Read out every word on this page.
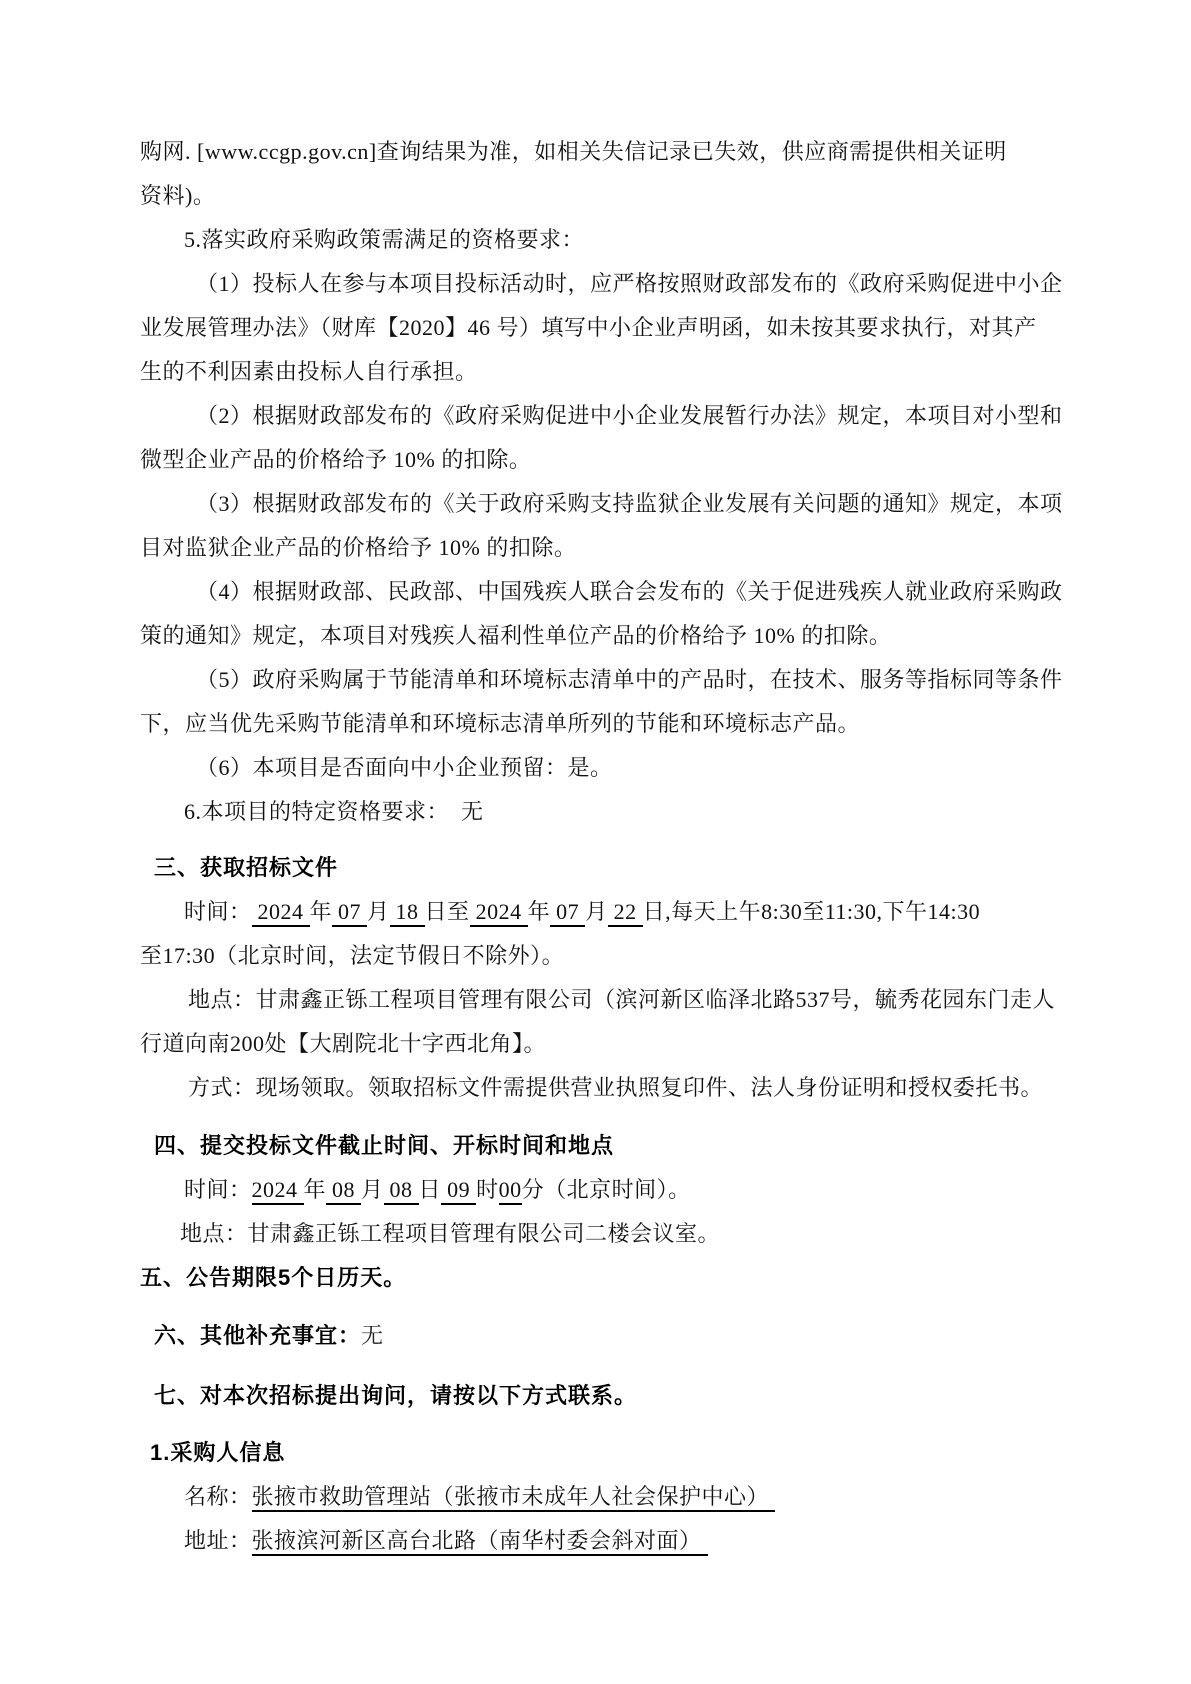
购网. [www.ccgp.gov.cn]查询结果为准，如相关失信记录已失效，供应商需提供相关证明
资料)。
5.落实政府采购政策需满足的资格要求：
（1）投标人在参与本项目投标活动时，应严格按照财政部发布的《政府采购促进中小企
业发展管理办法》（财库【2020】46 号）填写中小企业声明函，如未按其要求执行，对其产
生的不利因素由投标人自行承担。
（2）根据财政部发布的《政府采购促进中小企业发展暂行办法》规定，本项目对小型和
微型企业产品的价格给予 10% 的扣除。
（3）根据财政部发布的《关于政府采购支持监狱企业发展有关问题的通知》规定，本项
目对监狱企业产品的价格给予 10% 的扣除。
（4）根据财政部、民政部、中国残疾人联合会发布的《关于促进残疾人就业政府采购政
策的通知》规定，本项目对残疾人福利性单位产品的价格给予 10% 的扣除。
（5）政府采购属于节能清单和环境标志清单中的产品时，在技术、服务等指标同等条件
下，应当优先采购节能清单和环境标志清单所列的节能和环境标志产品。
（6）本项目是否面向中小企业预留：是。
6.本项目的特定资格要求：  无
三、获取招标文件
时间： 2024 年 07 月 18 日至 2024 年 07 月 22 日,每天上午8:30至11:30,下午14:30
至17:30（北京时间，法定节假日不除外）。
地点：甘肃鑫正铄工程项目管理有限公司（滨河新区临泽北路537号，毓秀花园东门走人
行道向南200处【大剧院北十字西北角】。
方式：现场领取。领取招标文件需提供营业执照复印件、法人身份证明和授权委托书。
四、提交投标文件截止时间、开标时间和地点
时间：2024 年 08 月 08 日 09 时00分（北京时间）。
地点：甘肃鑫正铄工程项目管理有限公司二楼会议室。
五、公告期限5个日历天。
六、其他补充事宜：无
七、对本次招标提出询问，请按以下方式联系。
1.采购人信息
名称：张掖市救助管理站（张掖市未成年人社会保护中心）
地址：张掖滨河新区高台北路（南华村委会斜对面）
